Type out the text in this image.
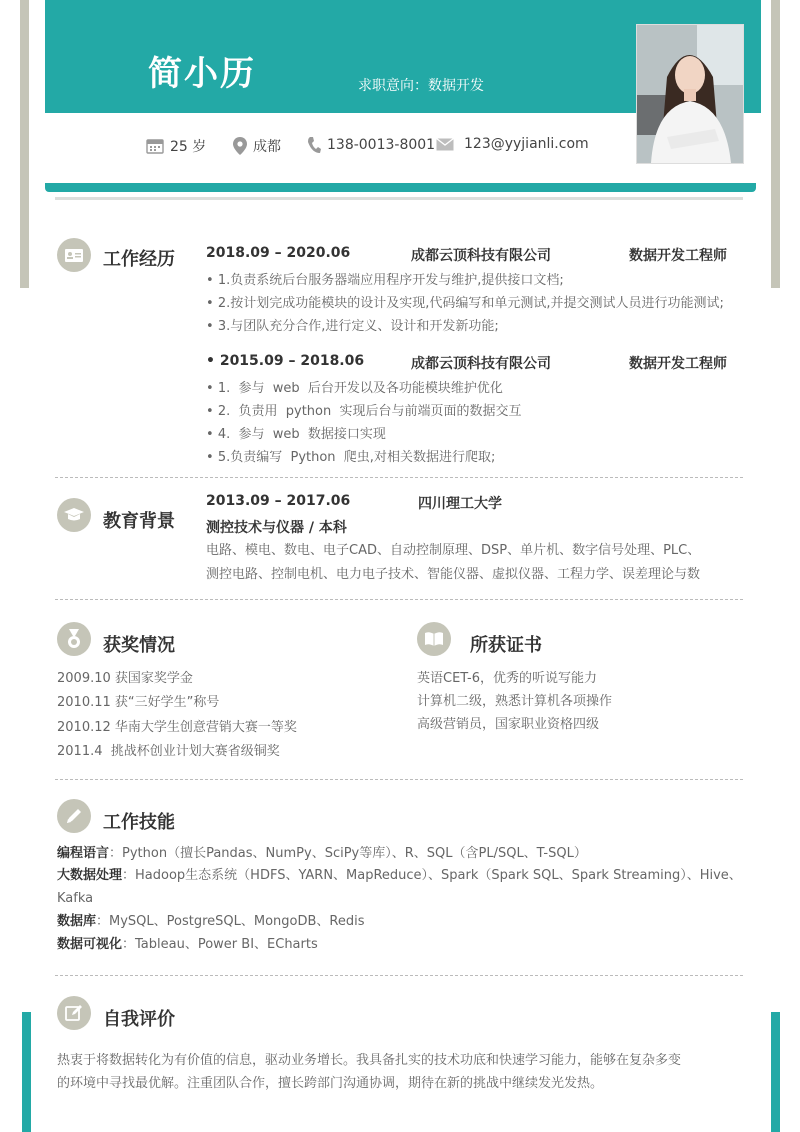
简小历	求职意向：数据开发
25 岁	成都	138-0013-8001 123@yyjianli.com
工作经历 2018.09 – 2020.06	成都云顶科技有限公司	数据开发工程师
• 1.负责系统后台服务器端应用程序开发与维护,提供接口文档;
• 2.按计划完成功能模块的设计及实现,代码编写和单元测试,并提交测试人员进行功能测试;
• 3.与团队充分合作,进行定义、设计和开发新功能;
• 2015.09 – 2018.06	成都云顶科技有限公司	数据开发工程师
• 1.  参与  web  后台开发以及各功能模块维护优化
• 2.  负责用  python  实现后台与前端页面的数据交互
• 4.  参与  web  数据接口实现
• 5.负责编写  Python  爬虫,对相关数据进行爬取;
教育背景
2013.09 – 2017.06	四川理工大学
测控技术与仪器 / 本科
电路、模电、数电、电子CAD、自动控制原理、DSP、单片机、数字信号处理、PLC、
测控电路、控制电机、电力电子技术、智能仪器、虚拟仪器、工程力学、误差理论与数
获奖情况
2009.10 获国家奖学金
2010.11 获“三好学生”称号
2010.12 华南大学生创意营销大赛一等奖
2011.4  挑战杯创业计划大赛省级铜奖
所获证书
英语CET-6，优秀的听说写能力
计算机二级，熟悉计算机各项操作
高级营销员，国家职业资格四级
工作技能
编程语言：Python（擅长Pandas、NumPy、SciPy等库）、R、SQL（含PL/SQL、T-SQL）
大数据处理：Hadoop生态系统（HDFS、YARN、MapReduce）、Spark（Spark SQL、Spark Streaming）、Hive、
Kafka
数据库：MySQL、PostgreSQL、MongoDB、Redis
数据可视化：Tableau、Power BI、ECharts
自我评价
热衷于将数据转化为有价值的信息，驱动业务增长。我具备扎实的技术功底和快速学习能力，能够在复杂多变
的环境中寻找最优解。注重团队合作，擅长跨部门沟通协调，期待在新的挑战中继续发光发热。
